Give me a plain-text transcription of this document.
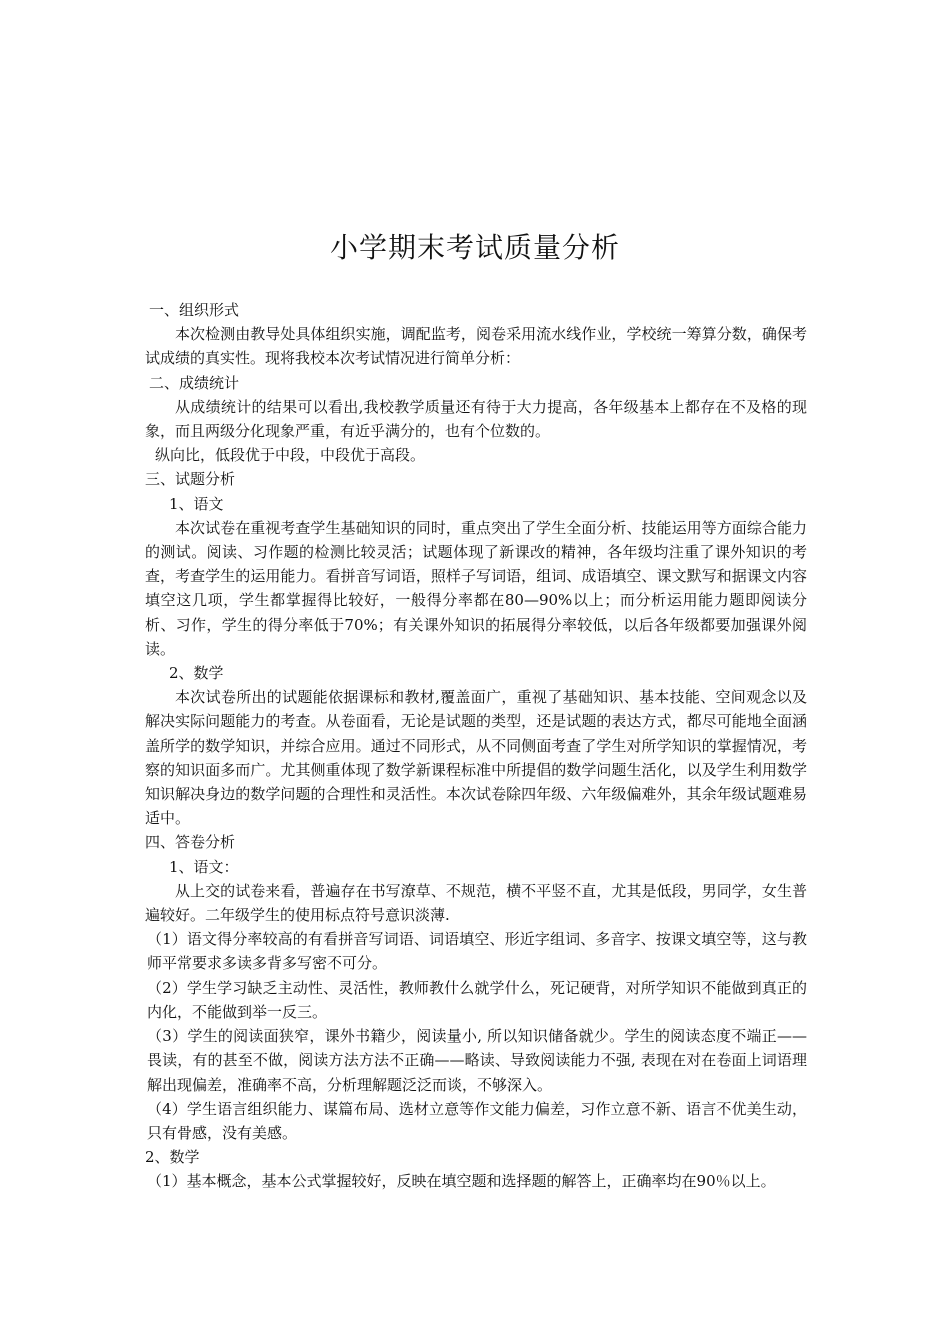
小学期末考试质量分析

一、组织形式

本次检测由教导处具体组织实施，调配监考，阅卷采用流水线作业，学校统一筹算分数，确保考试成绩的真实性。现将我校本次考试情况进行简单分析：

二、成绩统计

从成绩统计的结果可以看出,我校教学质量还有待于大力提高，各年级基本上都存在不及格的现象，而且两级分化现象严重，有近乎满分的，也有个位数的。

纵向比，低段优于中段，中段优于高段。

三、试题分析

1、语文

本次试卷在重视考查学生基础知识的同时，重点突出了学生全面分析、技能运用等方面综合能力的测试。阅读、习作题的检测比较灵活；试题体现了新课改的精神，各年级均注重了课外知识的考查，考查学生的运用能力。看拼音写词语，照样子写词语，组词、成语填空、课文默写和据课文内容填空这几项，学生都掌握得比较好，一般得分率都在80—90%以上；而分析运用能力题即阅读分析、习作，学生的得分率低于70%；有关课外知识的拓展得分率较低，以后各年级都要加强课外阅读。

2、数学

本次试卷所出的试题能依据课标和教材,覆盖面广，重视了基础知识、基本技能、空间观念以及解决实际问题能力的考查。从卷面看，无论是试题的类型，还是试题的表达方式，都尽可能地全面涵盖所学的数学知识，并综合应用。通过不同形式，从不同侧面考查了学生对所学知识的掌握情况，考察的知识面多而广。尤其侧重体现了数学新课程标准中所提倡的数学问题生活化，以及学生利用数学知识解决身边的数学问题的合理性和灵活性。本次试卷除四年级、六年级偏难外，其余年级试题难易适中。

四、答卷分析

1、语文：

从上交的试卷来看，普遍存在书写潦草、不规范，横不平竖不直，尤其是低段，男同学，女生普遍较好。二年级学生的使用标点符号意识淡薄.

（1）语文得分率较高的有看拼音写词语、词语填空、形近字组词、多音字、按课文填空等，这与教师平常要求多读多背多写密不可分。

（2）学生学习缺乏主动性、灵活性，教师教什么就学什么，死记硬背，对所学知识不能做到真正的内化，不能做到举一反三。

（3）学生的阅读面狭窄，课外书籍少，阅读量小, 所以知识储备就少。学生的阅读态度不端正——畏读，有的甚至不做，阅读方法方法不正确——略读、导致阅读能力不强, 表现在对在卷面上词语理解出现偏差，准确率不高，分析理解题泛泛而谈，不够深入。

（4）学生语言组织能力、谋篇布局、选材立意等作文能力偏差，习作立意不新、语言不优美生动，只有骨感，没有美感。

2、数学

（1）基本概念，基本公式掌握较好，反映在填空题和选择题的解答上，正确率均在90％以上。
